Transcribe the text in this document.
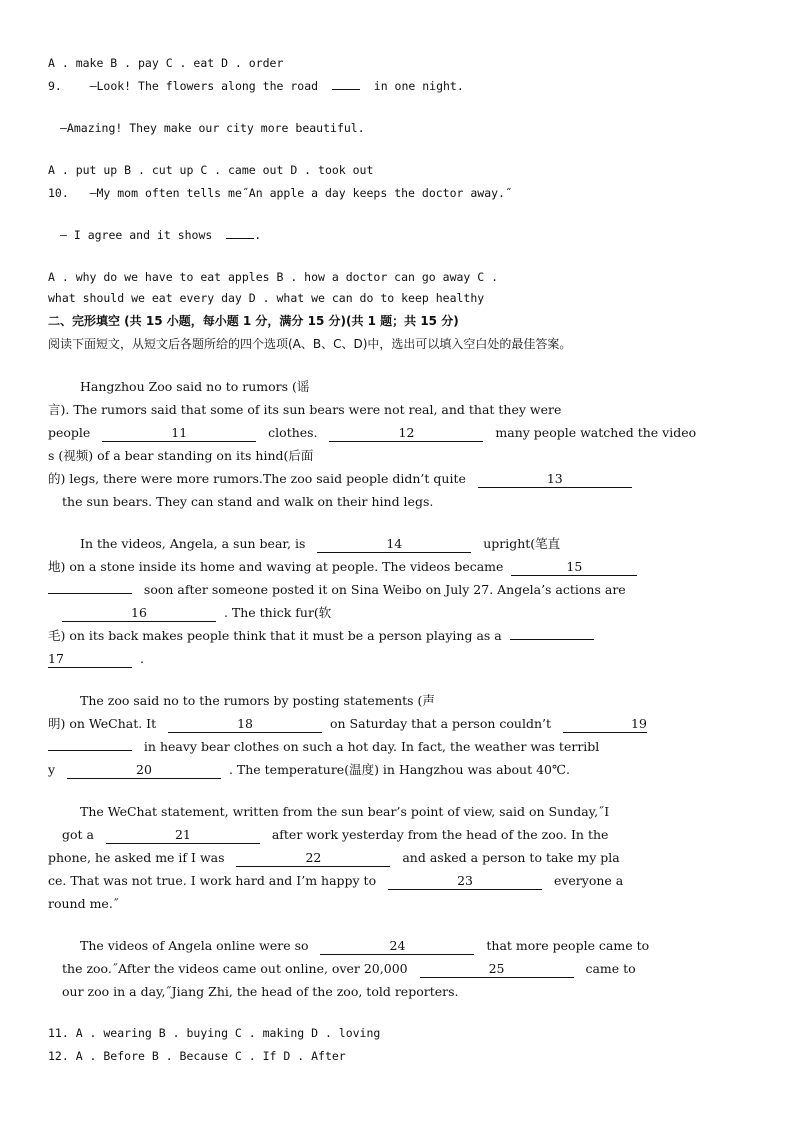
A . make B . pay C . eat D . order
9. —Look! The flowers along the road	in one night.
—Amazing! They make our city more beautiful.
A . put up B . cut up C . came out D . took out
10. —My mom often tells me˝An apple a day keeps the doctor away.˝
— I agree and it shows	.
A . why do we have to eat apples B . how a doctor can go away C .
what should we eat every day D . what we can do to keep healthy
二、完形填空 (共 15 小题，每小题 1 分，满分 15 分)(共 1 题；共 15 分)
阅读下面短文，从短文后各题所给的四个选项(A、B、C、D)中，选出可以填入空白处的最佳答案。
Hangzhou Zoo said no to rumors (谣
言). The rumors said that some of its sun bears were not real, and that they were
people	11	clothes.	12	many people watched the video
s (视频) of a bear standing on its hind(后面
的) legs, there were more rumors.The zoo said people didn’t quite	13
the sun bears. They can stand and walk on their hind legs.
In the videos, Angela, a sun bear, is	14	upright(笔直
地) on a stone inside its home and waving at people. The videos became	15
soon after someone posted it on Sina Weibo on July 27. Angela’s actions are
16	. The thick fur(软
毛) on its back makes people think that it must be a person playing as a
17	.
The zoo said no to the rumors by posting statements (声
明) on WeChat. It	18	on Saturday that a person couldn’t	19
in heavy bear clothes on such a hot day. In fact, the weather was terribl
y	20	. The temperature(温度) in Hangzhou was about 40℃.
The WeChat statement, written from the sun bear’s point of view, said on Sunday,˝I
got a	21	after work yesterday from the head of the zoo. In the
phone, he asked me if I was	22	and asked a person to take my pla
ce. That was not true. I work hard and I’m happy to	23	everyone a
round me.˝
The videos of Angela online were so	24	that more people came to
the zoo.˝After the videos came out online, over 20,000	25	came to
our zoo in a day,˝Jiang Zhi, the head of the zoo, told reporters.
11. A . wearing B . buying C . making D . loving
12. A . Before B . Because C . If D . After
